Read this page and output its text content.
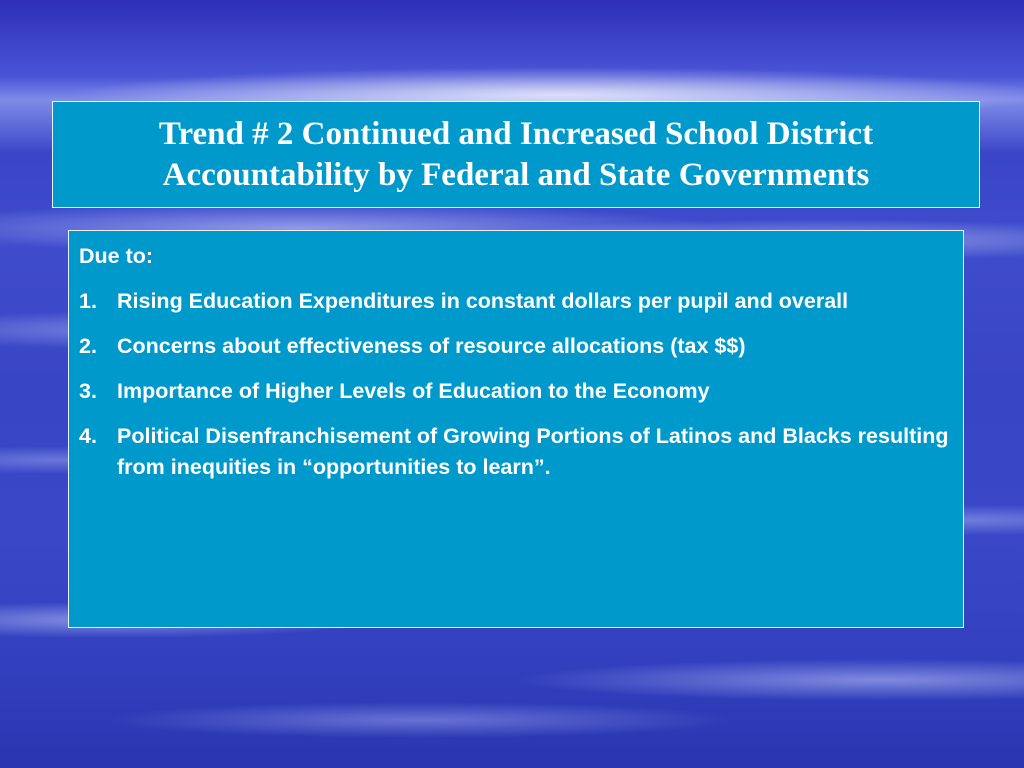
Trend # 2 Continued and Increased School District
Accountability by Federal and State Governments

Due to:

1. Rising Education Expenditures in constant dollars per pupil and overall
2. Concerns about effectiveness of resource allocations (tax $$)
3. Importance of Higher Levels of Education to the Economy
4. Political Disenfranchisement of Growing Portions of Latinos and Blacks resulting from inequities in “opportunities to learn”.
